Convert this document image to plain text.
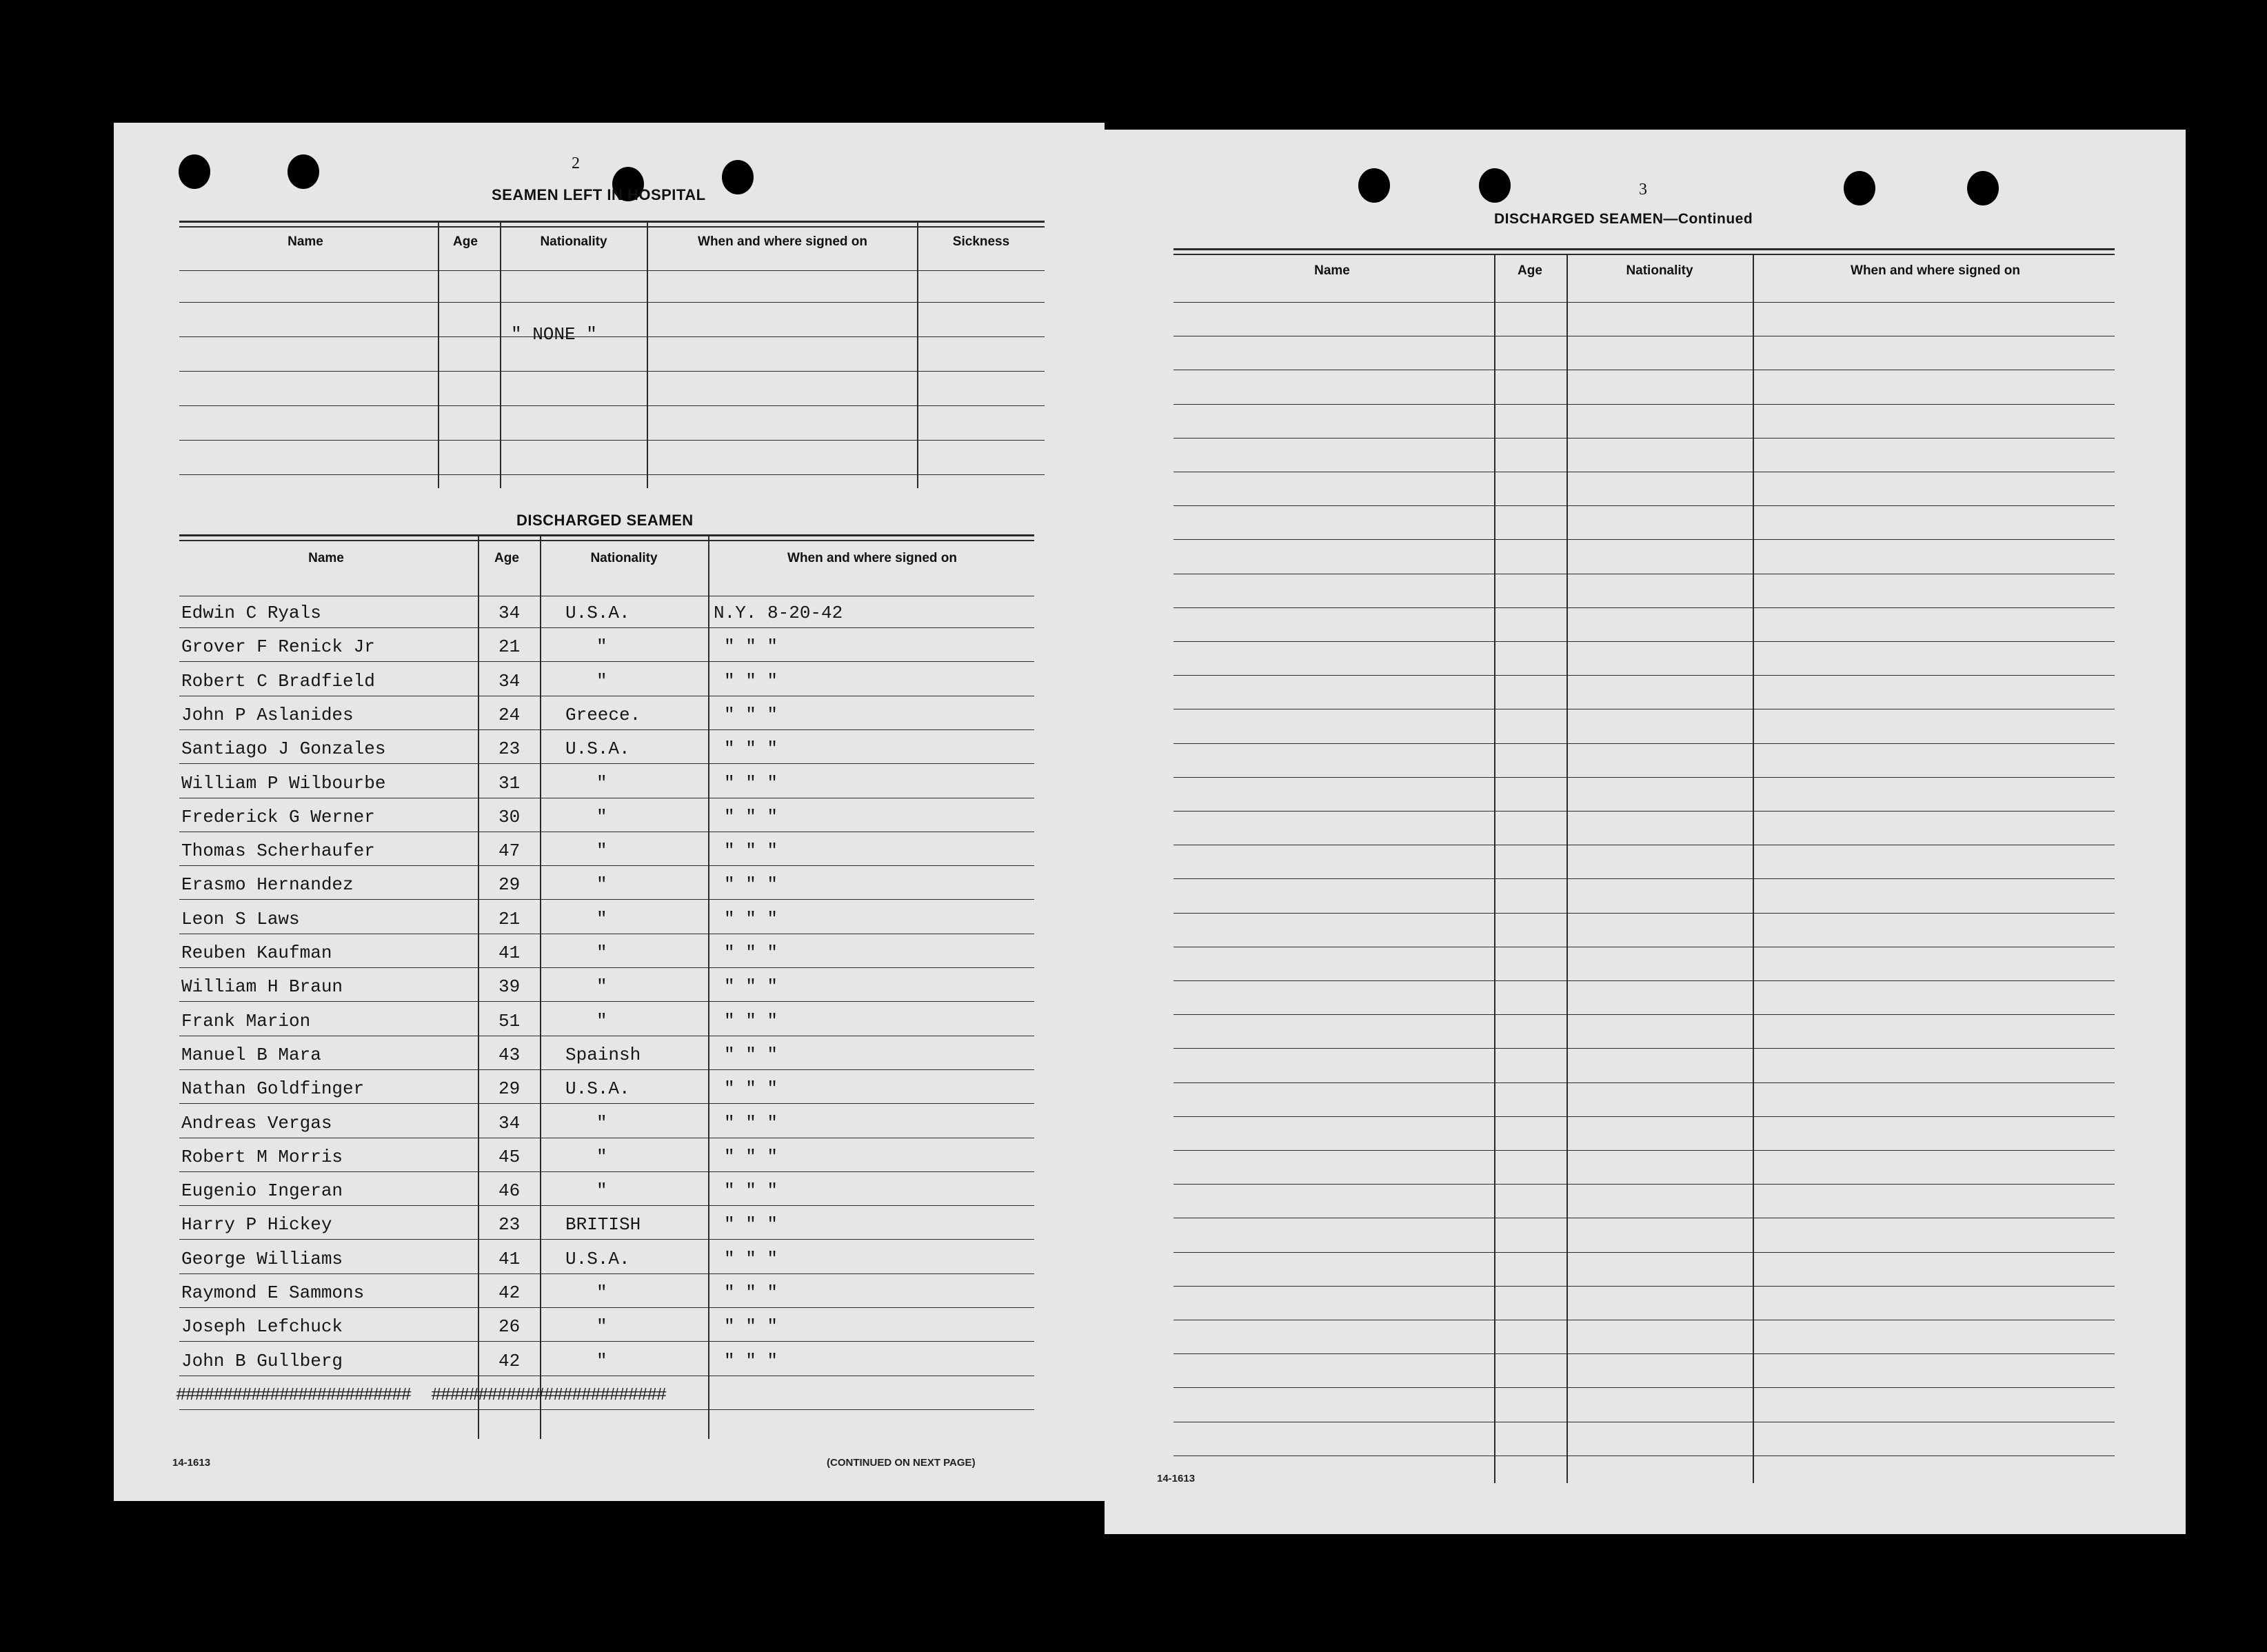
2
SEAMEN LEFT IN HOSPITAL
Name	Age	Nationality	When and where signed on	Sickness
" NONE "
DISCHARGED SEAMEN
Name	Age	Nationality	When and where signed on
Edwin C Ryals	34	U.S.A.	N.Y. 8-20-42
Grover F Renick Jr	21	"	" " "
Robert C Bradfield	34	"	" " "
John P Aslanides	24	Greece.	" " "
Santiago J Gonzales	23	U.S.A.	" " "
William P Wilbourbe	31	"	" " "
Frederick G Werner	30	"	" " "
Thomas Scherhaufer	47	"	" " "
Erasmo Hernandez	29	"	" " "
Leon S Laws	21	"	" " "
Reuben Kaufman	41	"	" " "
William H Braun	39	"	" " "
Frank Marion	51	"	" " "
Manuel B Mara	43	Spainsh	" " "
Nathan Goldfinger	29	U.S.A.	" " "
Andreas Vergas	34	"	" " "
Robert M Morris	45	"	" " "
Eugenio Ingeran	46	"	" " "
Harry P Hickey	23	BRITISH	" " "
George Williams	41	U.S.A.	" " "
Raymond E Sammons	42	"	" " "
Joseph Lefchuck	26	"	" " "
John B Gullberg	42	"	" " "
######################### #########################
14-1613	(CONTINUED ON NEXT PAGE)
3
DISCHARGED SEAMEN—Continued
Name	Age	Nationality	When and where signed on
14-1613
